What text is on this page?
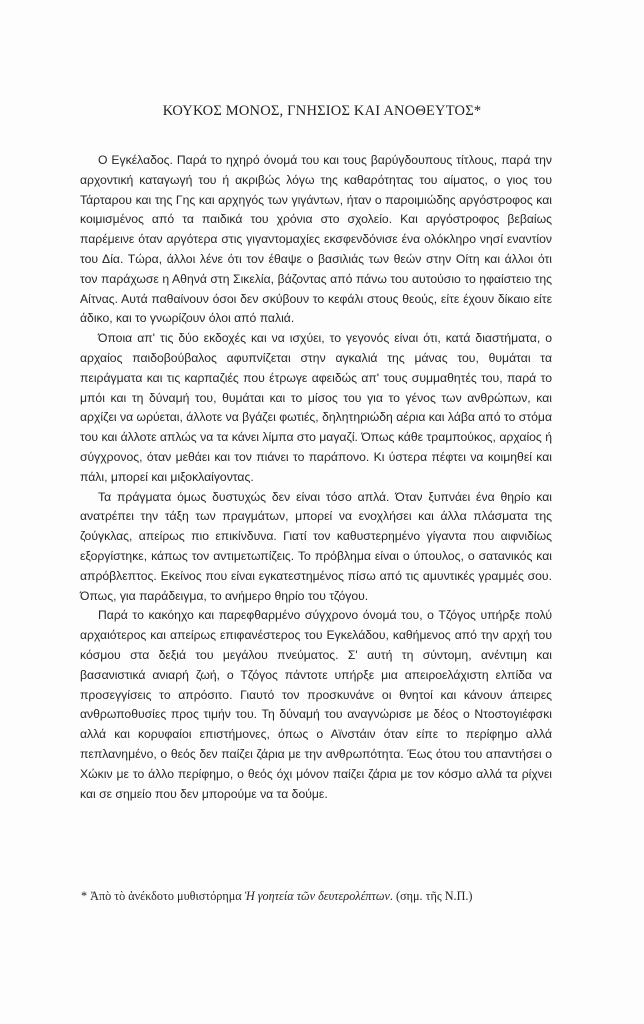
ΚΟΥΚΟΣ ΜΟΝΟΣ, ΓΝΗΣΙΟΣ ΚΑΙ ΑΝΟΘΕΥΤΟΣ*

Ο Εγκέλαδος. Παρά το ηχηρό όνομά του και τους βαρύγδουπους τίτλους, παρά την αρχοντική καταγωγή του ή ακριβώς λόγω της καθαρότητας του αίματος, ο γιος του Τάρταρου και της Γης και αρχηγός των γιγάντων, ήταν ο παροιμιώδης αργόστροφος και κοιμισμένος από τα παιδικά του χρόνια στο σχολείο. Και αργόστροφος βεβαίως παρέμεινε όταν αργότερα στις γιγαντομαχίες εκσφενδόνισε ένα ολόκληρο νησί εναντίον του Δία. Τώρα, άλλοι λένε ότι τον έθαψε ο βασιλιάς των θεών στην Οίτη και άλλοι ότι τον παράχωσε η Αθηνά στη Σικελία, βάζοντας από πάνω του αυτούσιο το ηφαίστειο της Αίτνας. Αυτά παθαίνουν όσοι δεν σκύβουν το κεφάλι στους θεούς, είτε έχουν δίκαιο είτε άδικο, και το γνωρίζουν όλοι από παλιά.

Όποια απ' τις δύο εκδοχές και να ισχύει, το γεγονός είναι ότι, κατά διαστήματα, ο αρχαίος παιδοβούβαλος αφυπνίζεται στην αγκαλιά της μάνας του, θυμάται τα πειράγματα και τις καρπαζιές που έτρωγε αφειδώς απ' τους συμμαθητές του, παρά το μπόι και τη δύναμή του, θυμάται και το μίσος του για το γένος των ανθρώπων, και αρχίζει να ωρύεται, άλλοτε να βγάζει φωτιές, δηλητηριώδη αέρια και λάβα από το στόμα του και άλλοτε απλώς να τα κάνει λίμπα στο μαγαζί. Όπως κάθε τραμπούκος, αρχαίος ή σύγχρονος, όταν μεθάει και τον πιάνει το παράπονο. Κι ύστερα πέφτει να κοιμηθεί και πάλι, μπορεί και μιξοκλαίγοντας.

Τα πράγματα όμως δυστυχώς δεν είναι τόσο απλά. Όταν ξυπνάει ένα θηρίο και ανατρέπει την τάξη των πραγμάτων, μπορεί να ενοχλήσει και άλλα πλάσματα της ζούγκλας, απείρως πιο επικίνδυνα. Γιατί τον καθυστερημένο γίγαντα που αιφνιδίως εξοργίστηκε, κάπως τον αντιμετωπίζεις. Το πρόβλημα είναι ο ύπουλος, ο σατανικός και απρόβλεπτος. Εκείνος που είναι εγκατεστημένος πίσω από τις αμυντικές γραμμές σου. Όπως, για παράδειγμα, το ανήμερο θηρίο του τζόγου.

Παρά το κακόηχο και παρεφθαρμένο σύγχρονο όνομά του, ο Τζόγος υπήρξε πολύ αρχαιότερος και απείρως επιφανέστερος του Εγκελάδου, καθήμενος από την αρχή του κόσμου στα δεξιά του μεγάλου πνεύματος. Σ' αυτή τη σύντομη, ανέντιμη και βασανιστικά ανιαρή ζωή, ο Τζόγος πάντοτε υπήρξε μια απειροελάχιστη ελπίδα να προσεγγίσεις το απρόσιτο. Γιαυτό τον προσκυνάνε οι θνητοί και κάνουν άπειρες ανθρωποθυσίες προς τιμήν του. Τη δύναμή του αναγνώρισε με δέος ο Ντοστογιέφσκι αλλά και κορυφαίοι επιστήμονες, όπως ο Αϊνστάιν όταν είπε το περίφημο αλλά πεπλανημένο, ο θεός δεν παίζει ζάρια με την ανθρωπότητα. Έως ότου του απαντήσει ο Χώκιν με το άλλο περίφημο, ο θεός όχι μόνον παίζει ζάρια με τον κόσμο αλλά τα ρίχνει και σε σημείο που δεν μπορούμε να τα δούμε.

* Ἀπὸ τὸ ἀνέκδοτο μυθιστόρημα Ἡ γοητεία τῶν δευτερολέπτων. (σημ. τῆς Ν.Π.)
